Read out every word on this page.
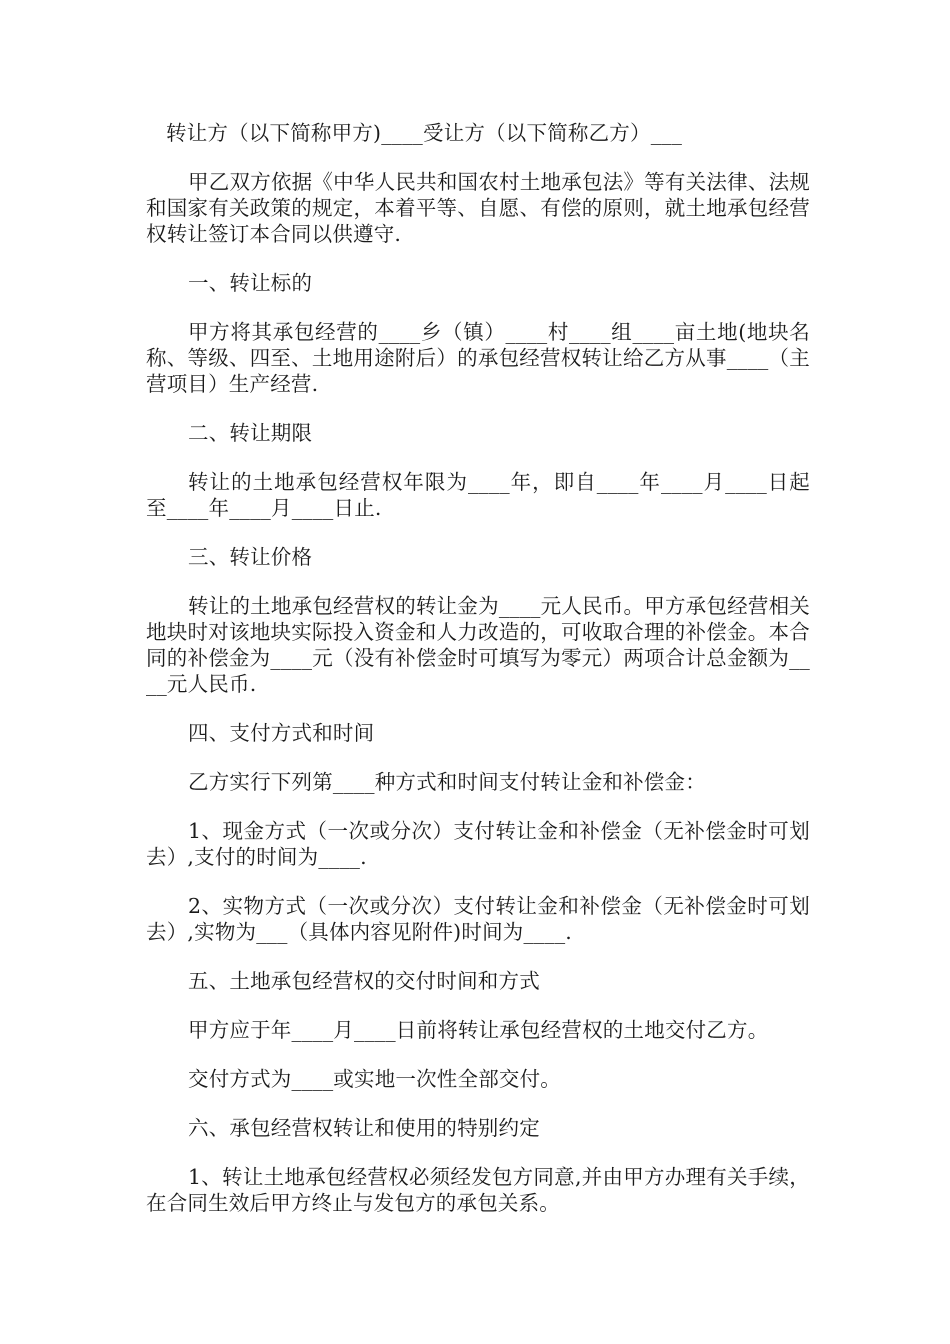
转让方（以下简称甲方)____受让方（以下简称乙方）___

甲乙双方依据《中华人民共和国农村土地承包法》等有关法律、法规和国家有关政策的规定，本着平等、自愿、有偿的原则，就土地承包经营权转让签订本合同以供遵守.

一、转让标的

甲方将其承包经营的____乡（镇）____村____组____亩土地(地块名称、等级、四至、土地用途附后）的承包经营权转让给乙方从事____（主营项目）生产经营.

二、转让期限

转让的土地承包经营权年限为____年，即自____年____月____日起至____年____月____日止.

三、转让价格

转让的土地承包经营权的转让金为____元人民币。甲方承包经营相关地块时对该地块实际投入资金和人力改造的，可收取合理的补偿金。本合同的补偿金为____元（没有补偿金时可填写为零元）两项合计总金额为____元人民币.

四、支付方式和时间

乙方实行下列第____种方式和时间支付转让金和补偿金：

1、现金方式（一次或分次）支付转让金和补偿金（无补偿金时可划去）,支付的时间为____.

2、实物方式（一次或分次）支付转让金和补偿金（无补偿金时可划去）,实物为___（具体内容见附件)时间为____.

五、土地承包经营权的交付时间和方式

甲方应于年____月____日前将转让承包经营权的土地交付乙方。

交付方式为____或实地一次性全部交付。

六、承包经营权转让和使用的特别约定

1、转让土地承包经营权必须经发包方同意,并由甲方办理有关手续，在合同生效后甲方终止与发包方的承包关系。
